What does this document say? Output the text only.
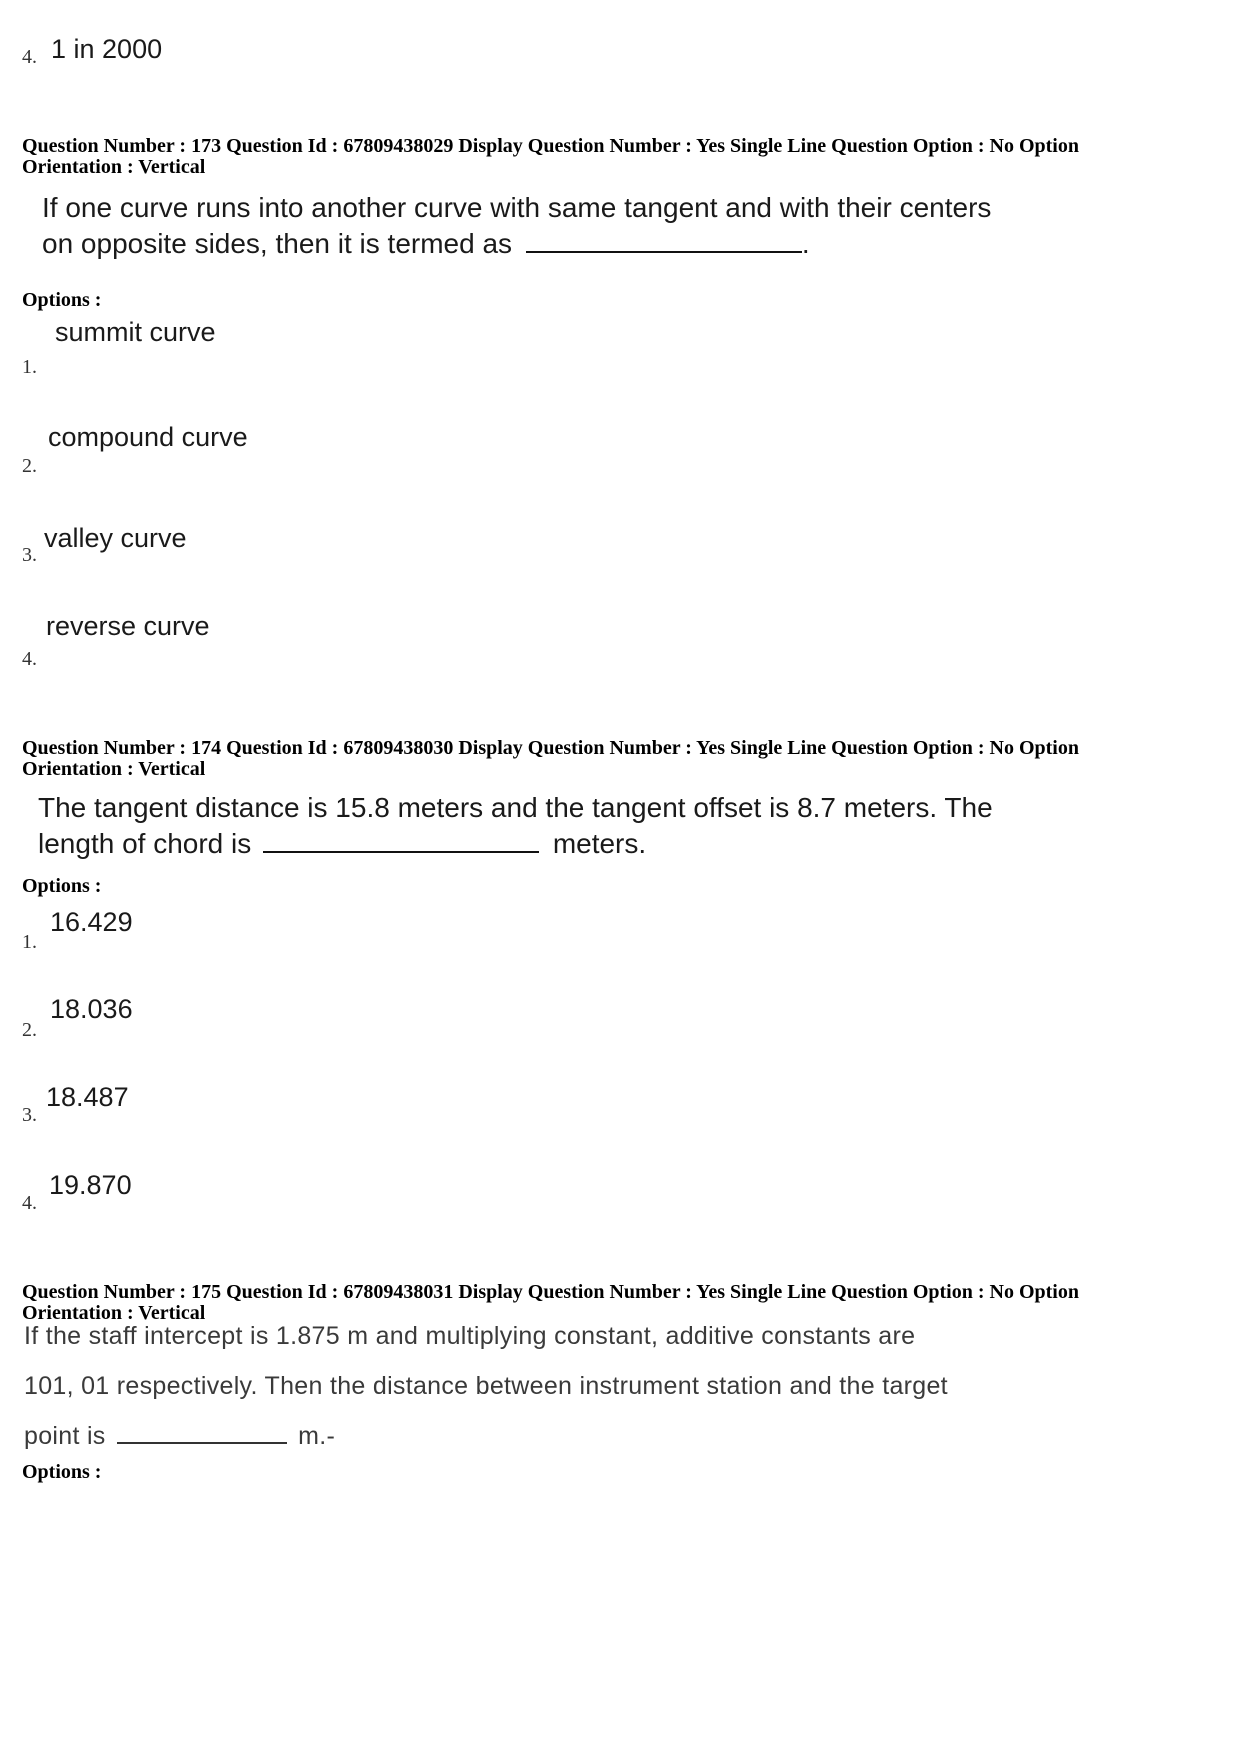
4. 1 in 2000
Question Number : 173 Question Id : 67809438029 Display Question Number : Yes Single Line Question Option : No Option
Orientation : Vertical
If one curve runs into another curve with same tangent and with their centers
on opposite sides, then it is termed as	.
Options :
summit curve
1.
compound curve
2.
valley curve
3.
reverse curve
4.
Question Number : 174 Question Id : 67809438030 Display Question Number : Yes Single Line Question Option : No Option
Orientation : Vertical
The tangent distance is 15.8 meters and the tangent offset is 8.7 meters. The
length of chord is	meters.
Options :
16.429
1.
18.036
2.
18.487
3.
19.870
4.
Question Number : 175 Question Id : 67809438031 Display Question Number : Yes Single Line Question Option : No Option
Orientation : Vertical
If the staff intercept is 1.875 m and multiplying constant, additive constants are
101, 01 respectively. Then the distance between instrument station and the target
point is	m.-
Options :
